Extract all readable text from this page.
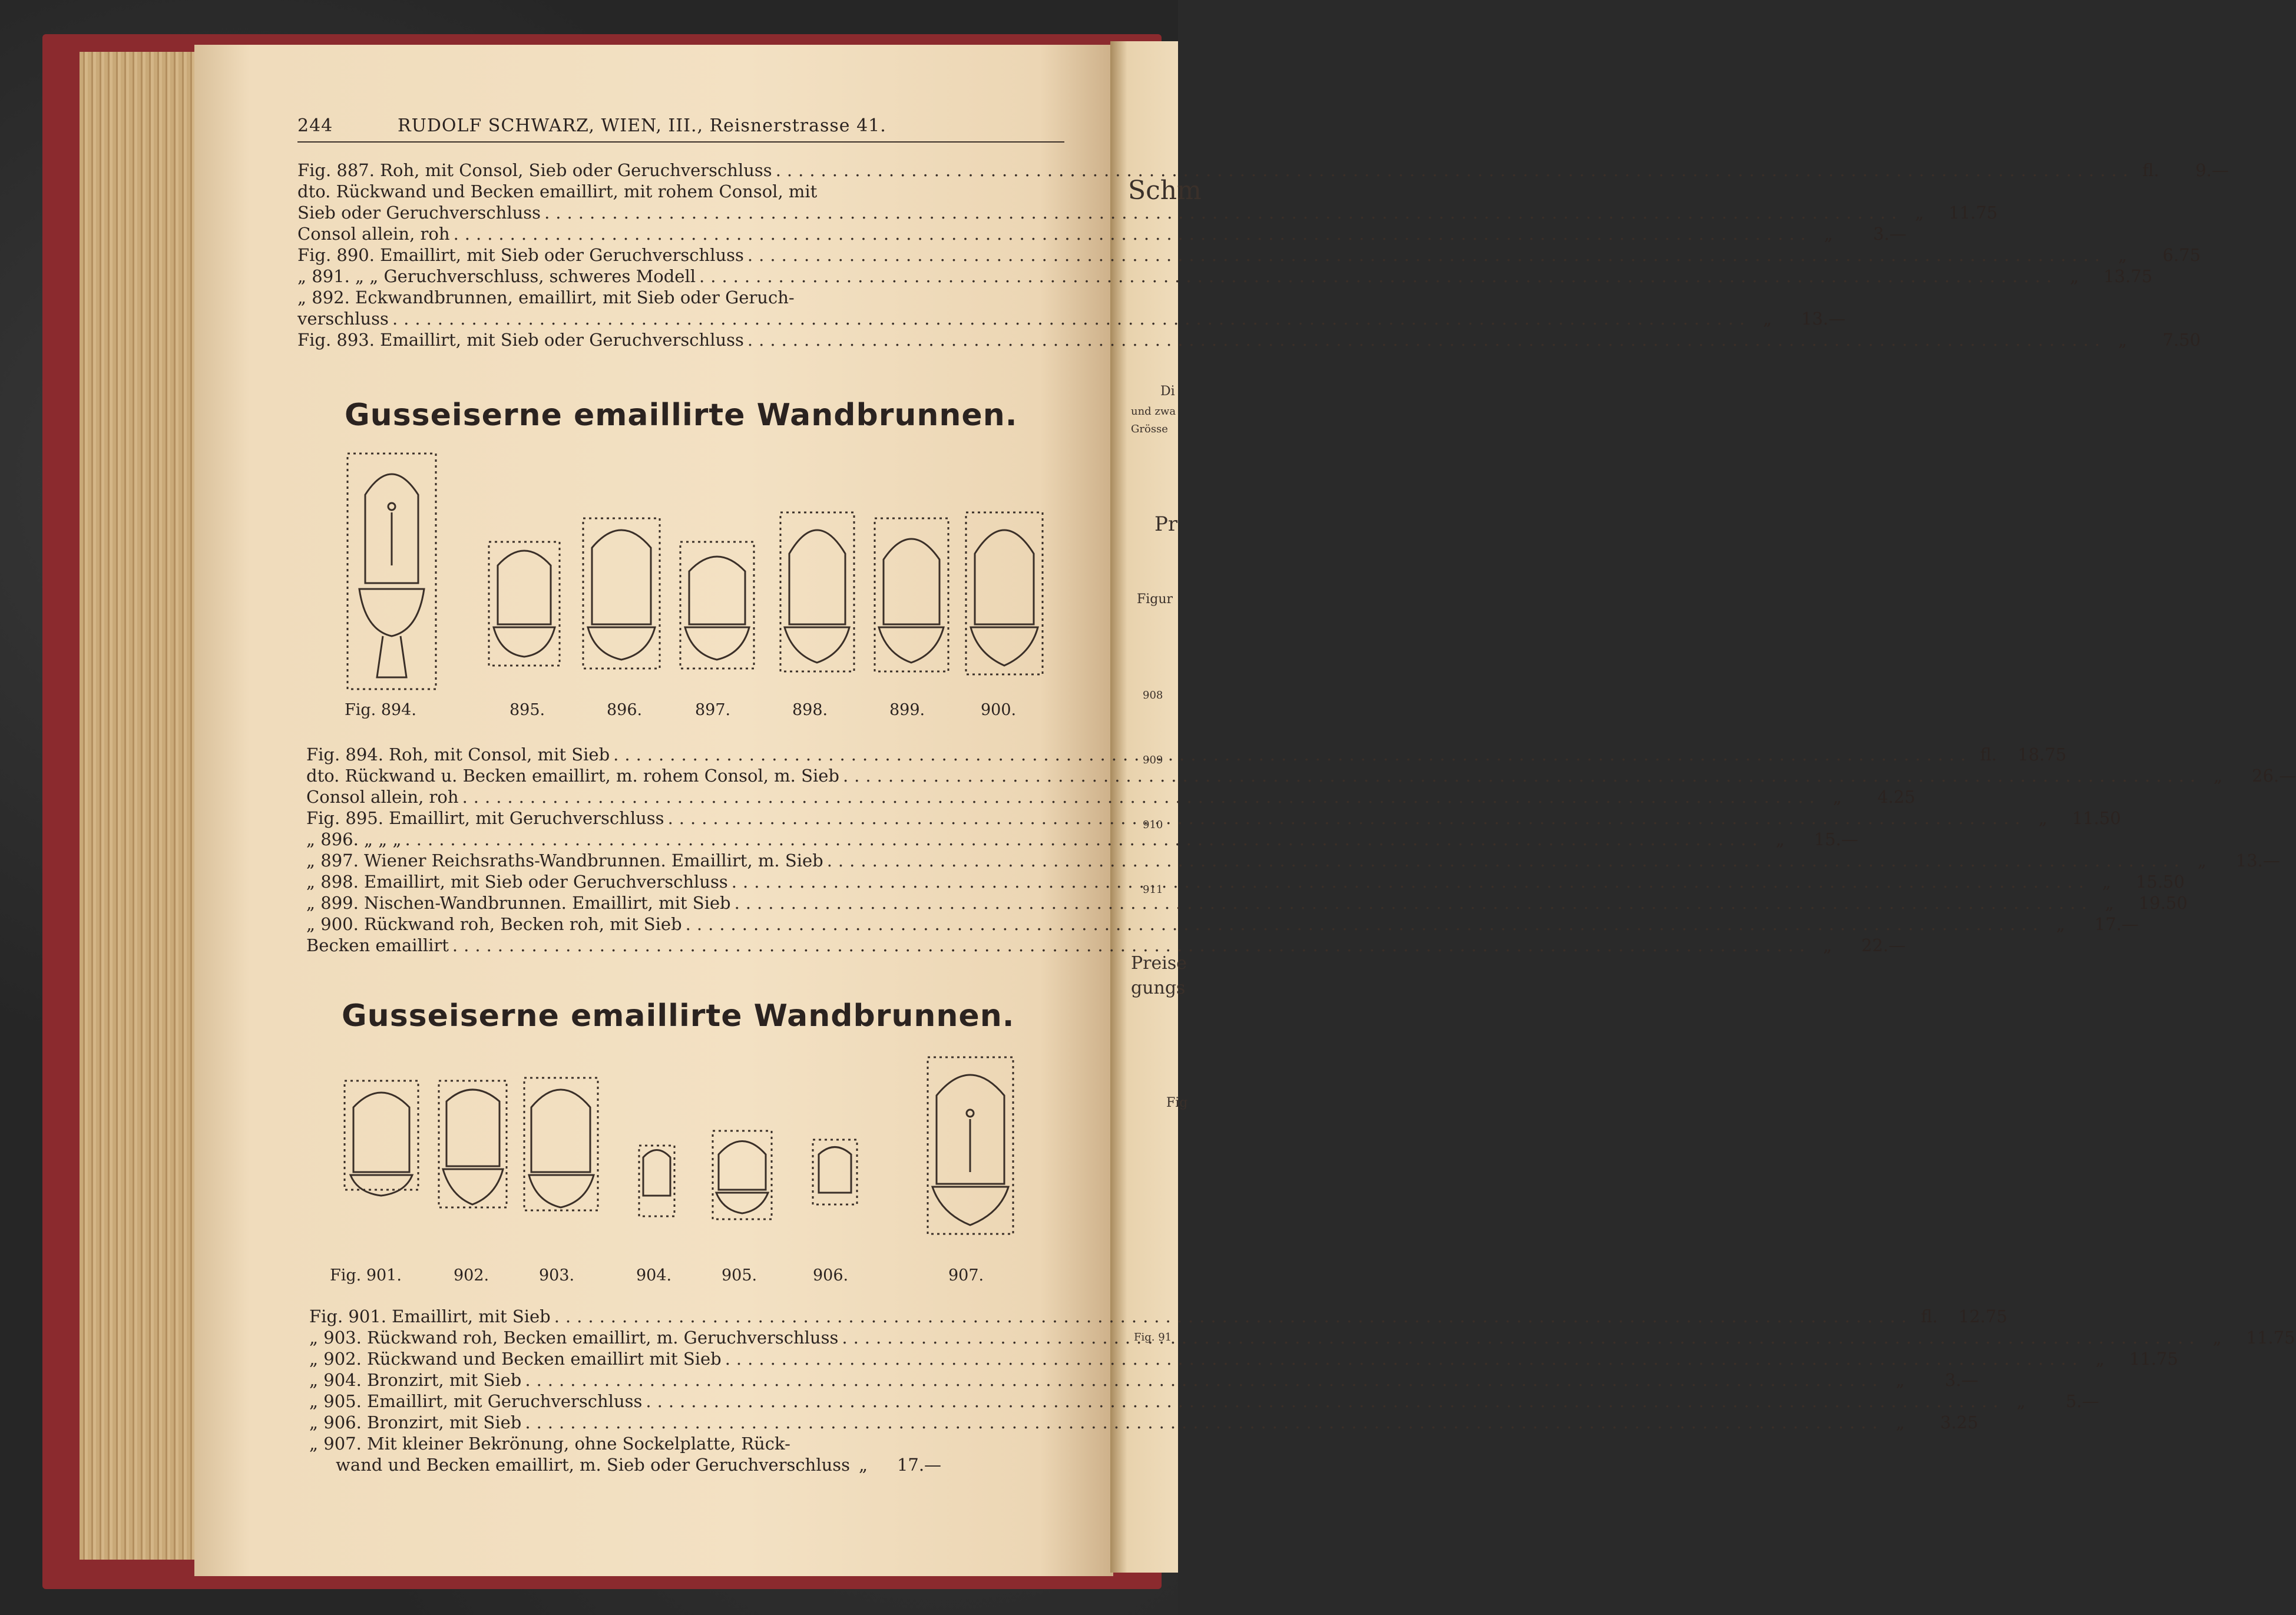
Schm
Di
und zwa
Grösse
Pr
Figur
908
909
910
911
Preise
gungs
Fig
Fig. 91
244	RUDOLF SCHWARZ, WIEN, III., Reisnerstrasse 41.
Fig. 887. Roh, mit Consol, Sieb oder Geruchverschluss .....	fl.	9.—
dto. Rückwand und Becken emaillirt, mit rohem Consol, mit
Sieb oder Geruchverschluss .....	„	11.75
Consol allein, roh .....	„	3.—
Fig. 890. Emaillirt, mit Sieb oder Geruchverschluss .....	„	6.75
„ 891. „ „ Geruchverschluss, schweres Modell .....	„	13.75
„ 892. Eckwandbrunnen, emaillirt, mit Sieb oder Geruch-
verschluss .....	„	13.—
Fig. 893. Emaillirt, mit Sieb oder Geruchverschluss .....	„	7.50
Gusseiserne emaillirte Wandbrunnen.
Fig. 894.	895.	896.	897.	898.	899.	900.
Fig. 894. Roh, mit Consol, mit Sieb .....	fl.	18.75
dto. Rückwand u. Becken emaillirt, m. rohem Consol, m. Sieb .....	„	26.—
Consol allein, roh .....	„	4.25
Fig. 895. Emaillirt, mit Geruchverschluss .....	„	11.50
„ 896. „ „ „ .....	„	15.—
„ 897. Wiener Reichsraths-Wandbrunnen. Emaillirt, m. Sieb .....	„	13.—
„ 898. Emaillirt, mit Sieb oder Geruchverschluss .....	„	15.50
„ 899. Nischen-Wandbrunnen. Emaillirt, mit Sieb .....	„	19.50
„ 900. Rückwand roh, Becken roh, mit Sieb .....	„	17.—
Becken emaillirt .....	„	22.—
Gusseiserne emaillirte Wandbrunnen.
Fig. 901.	902.	903.	904.	905.	906.	907.
Fig. 901. Emaillirt, mit Sieb .....	fl.	12.75
„ 903. Rückwand roh, Becken emaillirt, m. Geruchverschluss .....	„	11.75
„ 902. Rückwand und Becken emaillirt mit Sieb .....	„	11.75
„ 904. Bronzirt, mit Sieb .....	„	3.—
„ 905. Emaillirt, mit Geruchverschluss .....	„	5.—
„ 906. Bronzirt, mit Sieb .....	„	3.25
„ 907. Mit kleiner Bekrönung, ohne Sockelplatte, Rück-
wand und Becken emaillirt, m. Sieb oder Geruchverschluss „	17.—
